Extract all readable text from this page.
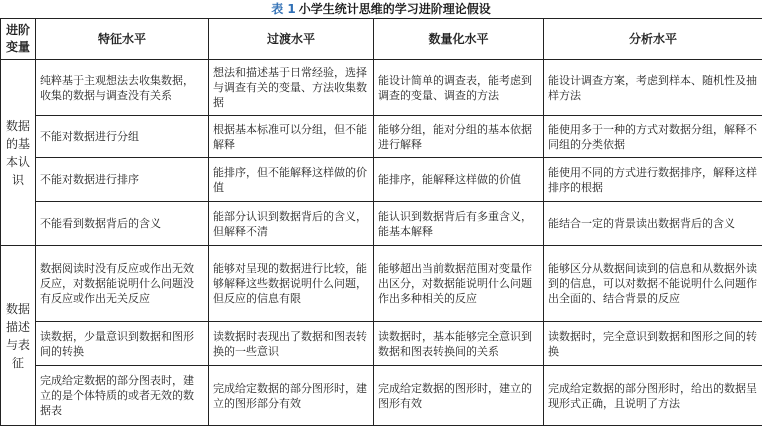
表 1 小学生统计思维的学习进阶理论假设
进阶变量	特征水平	过渡水平	数量化水平	分析水平
数据的基本认识	纯粹基于主观想法去收集数据，收集的数据与调查没有关系	想法和描述基于日常经验，选择与调查有关的变量、方法收集数据	能设计简单的调查表，能考虑到调查的变量、调查的方法	能设计调查方案，考虑到样本、随机性及抽样方法
	不能对数据进行分组	根据基本标准可以分组，但不能解释	能够分组，能对分组的基本依据进行解释	能使用多于一种的方式对数据分组，解释不同组的分类依据
	不能对数据进行排序	能排序，但不能解释这样做的价值	能排序，能解释这样做的价值	能使用不同的方式进行数据排序，解释这样排序的根据
	不能看到数据背后的含义	能部分认识到数据背后的含义，但解释不清	能认识到数据背后有多重含义，能基本解释	能结合一定的背景读出数据背后的含义
数据描述与表征	数据阅读时没有反应或作出无效反应，对数据能说明什么问题没有反应或作出无关反应	能够对呈现的数据进行比较，能够解释这些数据说明什么问题，但反应的信息有限	能够超出当前数据范围对变量作出区分，对数据能说明什么问题作出多种相关的反应	能够区分从数据间读到的信息和从数据外读到的信息，可以对数据不能说明什么问题作出全面的、结合背景的反应
	读数据，少量意识到数据和图形间的转换	读数据时表现出了数据和图表转换的一些意识	读数据时，基本能够完全意识到数据和图表转换间的关系	读数据时，完全意识到数据和图形之间的转换
	完成给定数据的部分图表时，建立的是个体特质的或者无效的数据表	完成给定数据的部分图形时，建立的图形部分有效	完成给定数据的图形时，建立的图形有效	完成给定数据的部分图形时，给出的数据呈现形式正确，且说明了方法
